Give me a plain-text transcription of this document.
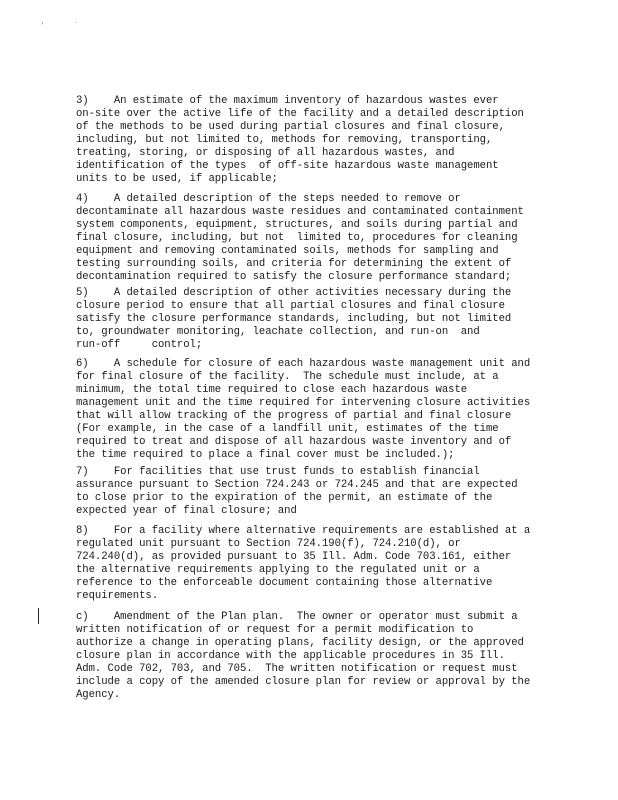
'	`

3)    An estimate of the maximum inventory of hazardous wastes ever
on-site over the active life of the facility and a detailed description
of the methods to be used during partial closures and final closure,
including, but not limited to, methods for removing, transporting,
treating, storing, or disposing of all hazardous wastes, and
identification of the types  of off-site hazardous waste management
units to be used, if applicable;

4)    A detailed description of the steps needed to remove or
decontaminate all hazardous waste residues and contaminated containment
system components, equipment, structures, and soils during partial and
final closure, including, but not  limited to, procedures for cleaning
equipment and removing contaminated soils, methods for sampling and
testing surrounding soils, and criteria for determining the extent of
decontamination required to satisfy the closure performance standard;

5)    A detailed description of other activities necessary during the
closure period to ensure that all partial closures and final closure
satisfy the closure performance standards, including, but not limited
to, groundwater monitoring, leachate collection, and run-on  and
run-off     control;

6)    A schedule for closure of each hazardous waste management unit and
for final closure of the facility.  The schedule must include, at a
minimum, the total time required to close each hazardous waste
management unit and the time required for intervening closure activities
that will allow tracking of the progress of partial and final closure
(For example, in the case of a landfill unit, estimates of the time
required to treat and dispose of all hazardous waste inventory and of
the time required to place a final cover must be included.);

7)    For facilities that use trust funds to establish financial
assurance pursuant to Section 724.243 or 724.245 and that are expected
to close prior to the expiration of the permit, an estimate of the
expected year of final closure; and

8)    For a facility where alternative requirements are established at a
regulated unit pursuant to Section 724.190(f), 724.210(d), or
724.240(d), as provided pursuant to 35 Ill. Adm. Code 703.161, either
the alternative requirements applying to the regulated unit or a
reference to the enforceable document containing those alternative
requirements.

c)    Amendment of the Plan plan.  The owner or operator must submit a
written notification of or request for a permit modification to
authorize a change in operating plans, facility design, or the approved
closure plan in accordance with the applicable procedures in 35 Ill.
Adm. Code 702, 703, and 705.  The written notification or request must
include a copy of the amended closure plan for review or approval by the
Agency.
